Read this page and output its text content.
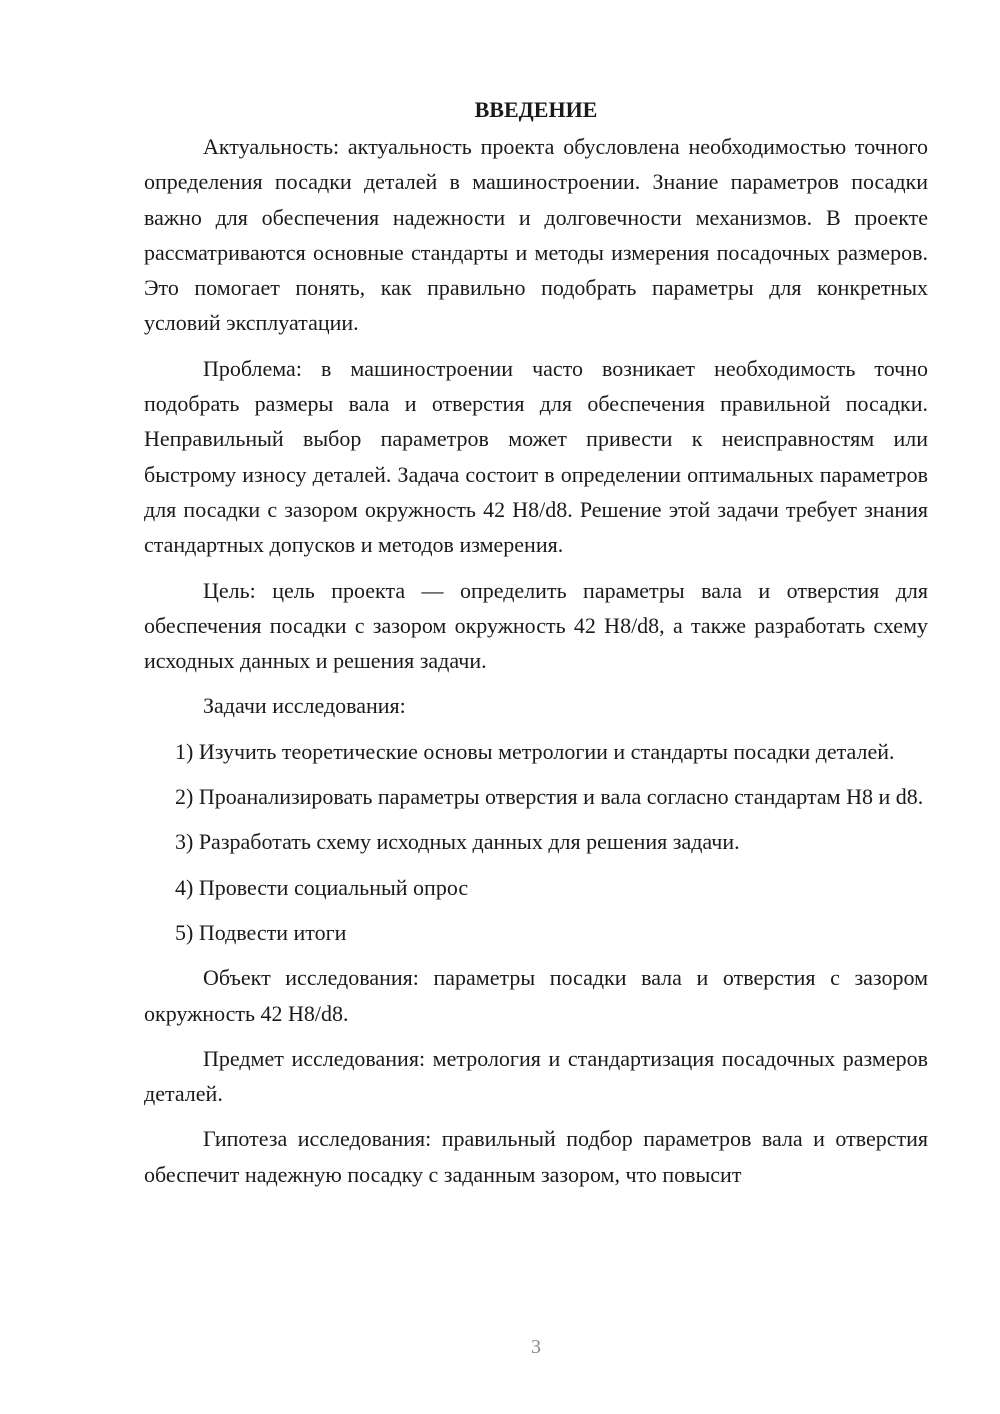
ВВЕДЕНИЕ

Актуальность: актуальность проекта обусловлена необходимостью точного определения посадки деталей в машиностроении. Знание параметров посадки важно для обеспечения надежности и долговечности механизмов. В проекте рассматриваются основные стандарты и методы измерения посадочных размеров. Это помогает понять, как правильно подобрать параметры для конкретных условий эксплуатации.

Проблема: в машиностроении часто возникает необходимость точно подобрать размеры вала и отверстия для обеспечения правильной посадки. Неправильный выбор параметров может привести к неисправностям или быстрому износу деталей. Задача состоит в определении оптимальных параметров для посадки с зазором окружность 42 H8/d8. Решение этой задачи требует знания стандартных допусков и методов измерения.

Цель: цель проекта — определить параметры вала и отверстия для обеспечения посадки с зазором окружность 42 H8/d8, а также разработать схему исходных данных и решения задачи.

Задачи исследования:

1) Изучить теоретические основы метрологии и стандарты посадки деталей.

2) Проанализировать параметры отверстия и вала согласно стандартам H8 и d8.

3) Разработать схему исходных данных для решения задачи.

4) Провести социальный опрос

5) Подвести итоги

Объект исследования: параметры посадки вала и отверстия с зазором окружность 42 H8/d8.

Предмет исследования: метрология и стандартизация посадочных размеров деталей.

Гипотеза исследования: правильный подбор параметров вала и отверстия обеспечит надежную посадку с заданным зазором, что повысит

3
